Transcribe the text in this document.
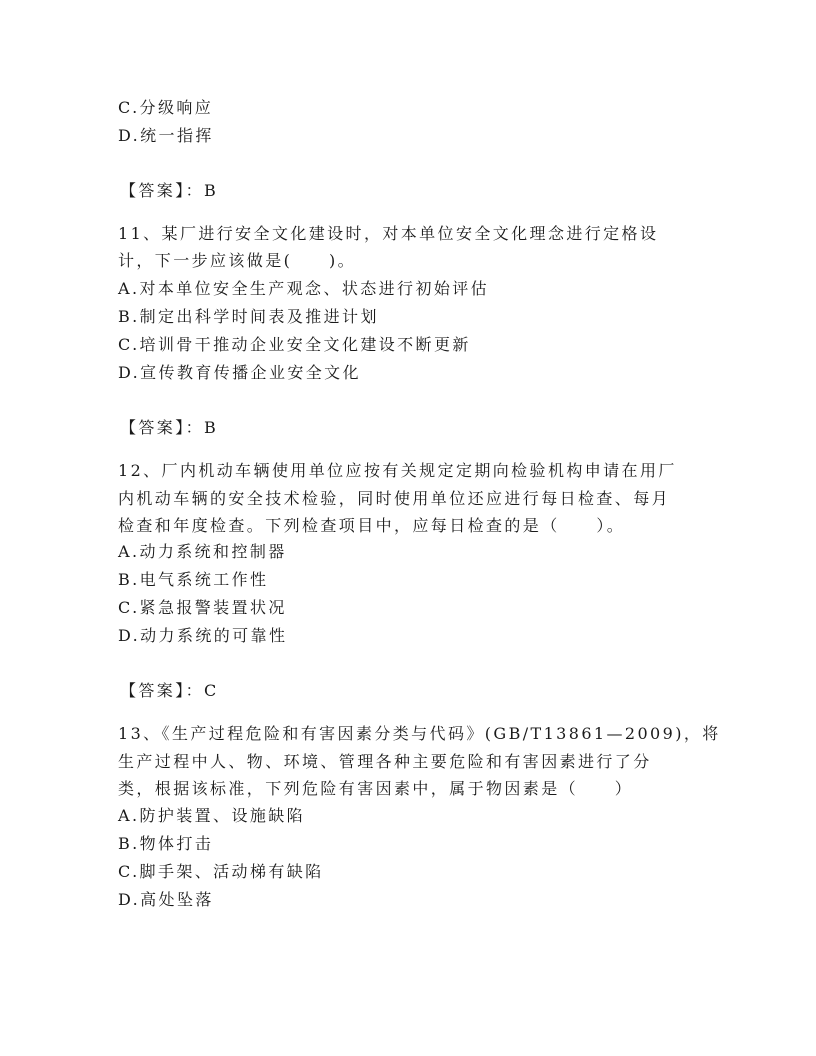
C.分级响应
D.统一指挥
【答案】：B
11、某厂进行安全文化建设时，对本单位安全文化理念进行定格设
计，下一步应该做是(　　)。
A.对本单位安全生产观念、状态进行初始评估
B.制定出科学时间表及推进计划
C.培训骨干推动企业安全文化建设不断更新
D.宣传教育传播企业安全文化
【答案】：B
12、厂内机动车辆使用单位应按有关规定定期向检验机构申请在用厂
内机动车辆的安全技术检验，同时使用单位还应进行每日检查、每月
检查和年度检查。下列检查项目中，应每日检查的是（　　）。
A.动力系统和控制器
B.电气系统工作性
C.紧急报警装置状况
D.动力系统的可靠性
【答案】：C
13、《生产过程危险和有害因素分类与代码》(GB/T13861—2009)，将
生产过程中人、物、环境、管理各种主要危险和有害因素进行了分
类，根据该标准，下列危险有害因素中，属于物因素是（　　）
A.防护装置、设施缺陷
B.物体打击
C.脚手架、活动梯有缺陷
D.高处坠落
